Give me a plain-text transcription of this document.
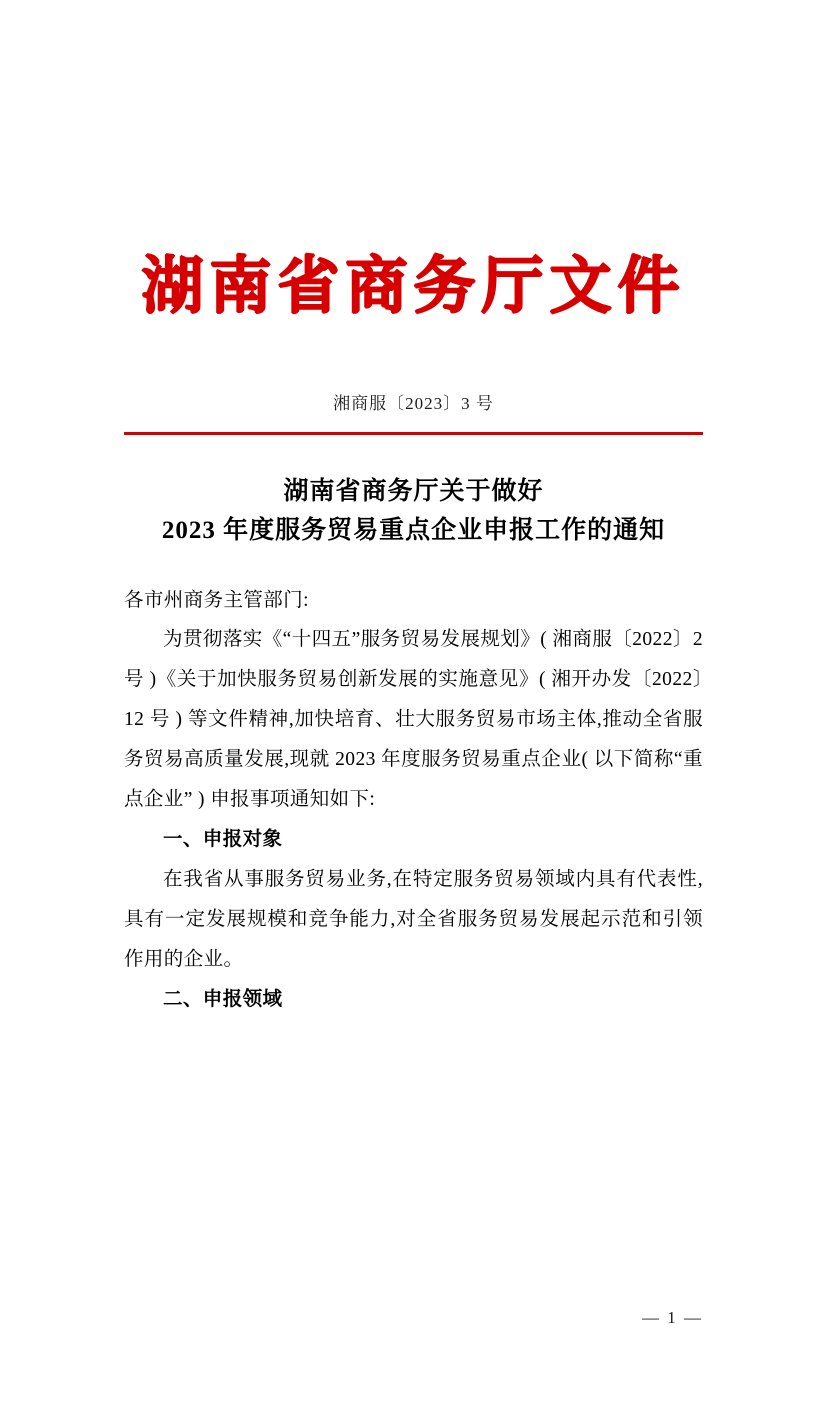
湖南省商务厅文件
湘商服〔2023〕3 号
湖南省商务厅关于做好
2023 年度服务贸易重点企业申报工作的通知

各市州商务主管部门:

为贯彻落实《“十四五”服务贸易发展规划》( 湘商服〔2022〕2 号 )《关于加快服务贸易创新发展的实施意见》( 湘开办发〔2022〕12 号 ) 等文件精神,加快培育、壮大服务贸易市场主体,推动全省服务贸易高质量发展,现就 2023 年度服务贸易重点企业( 以下简称“重点企业” ) 申报事项通知如下:

一、申报对象

在我省从事服务贸易业务,在特定服务贸易领域内具有代表性,具有一定发展规模和竞争能力,对全省服务贸易发展起示范和引领作用的企业。

二、申报领域

— 1 —
